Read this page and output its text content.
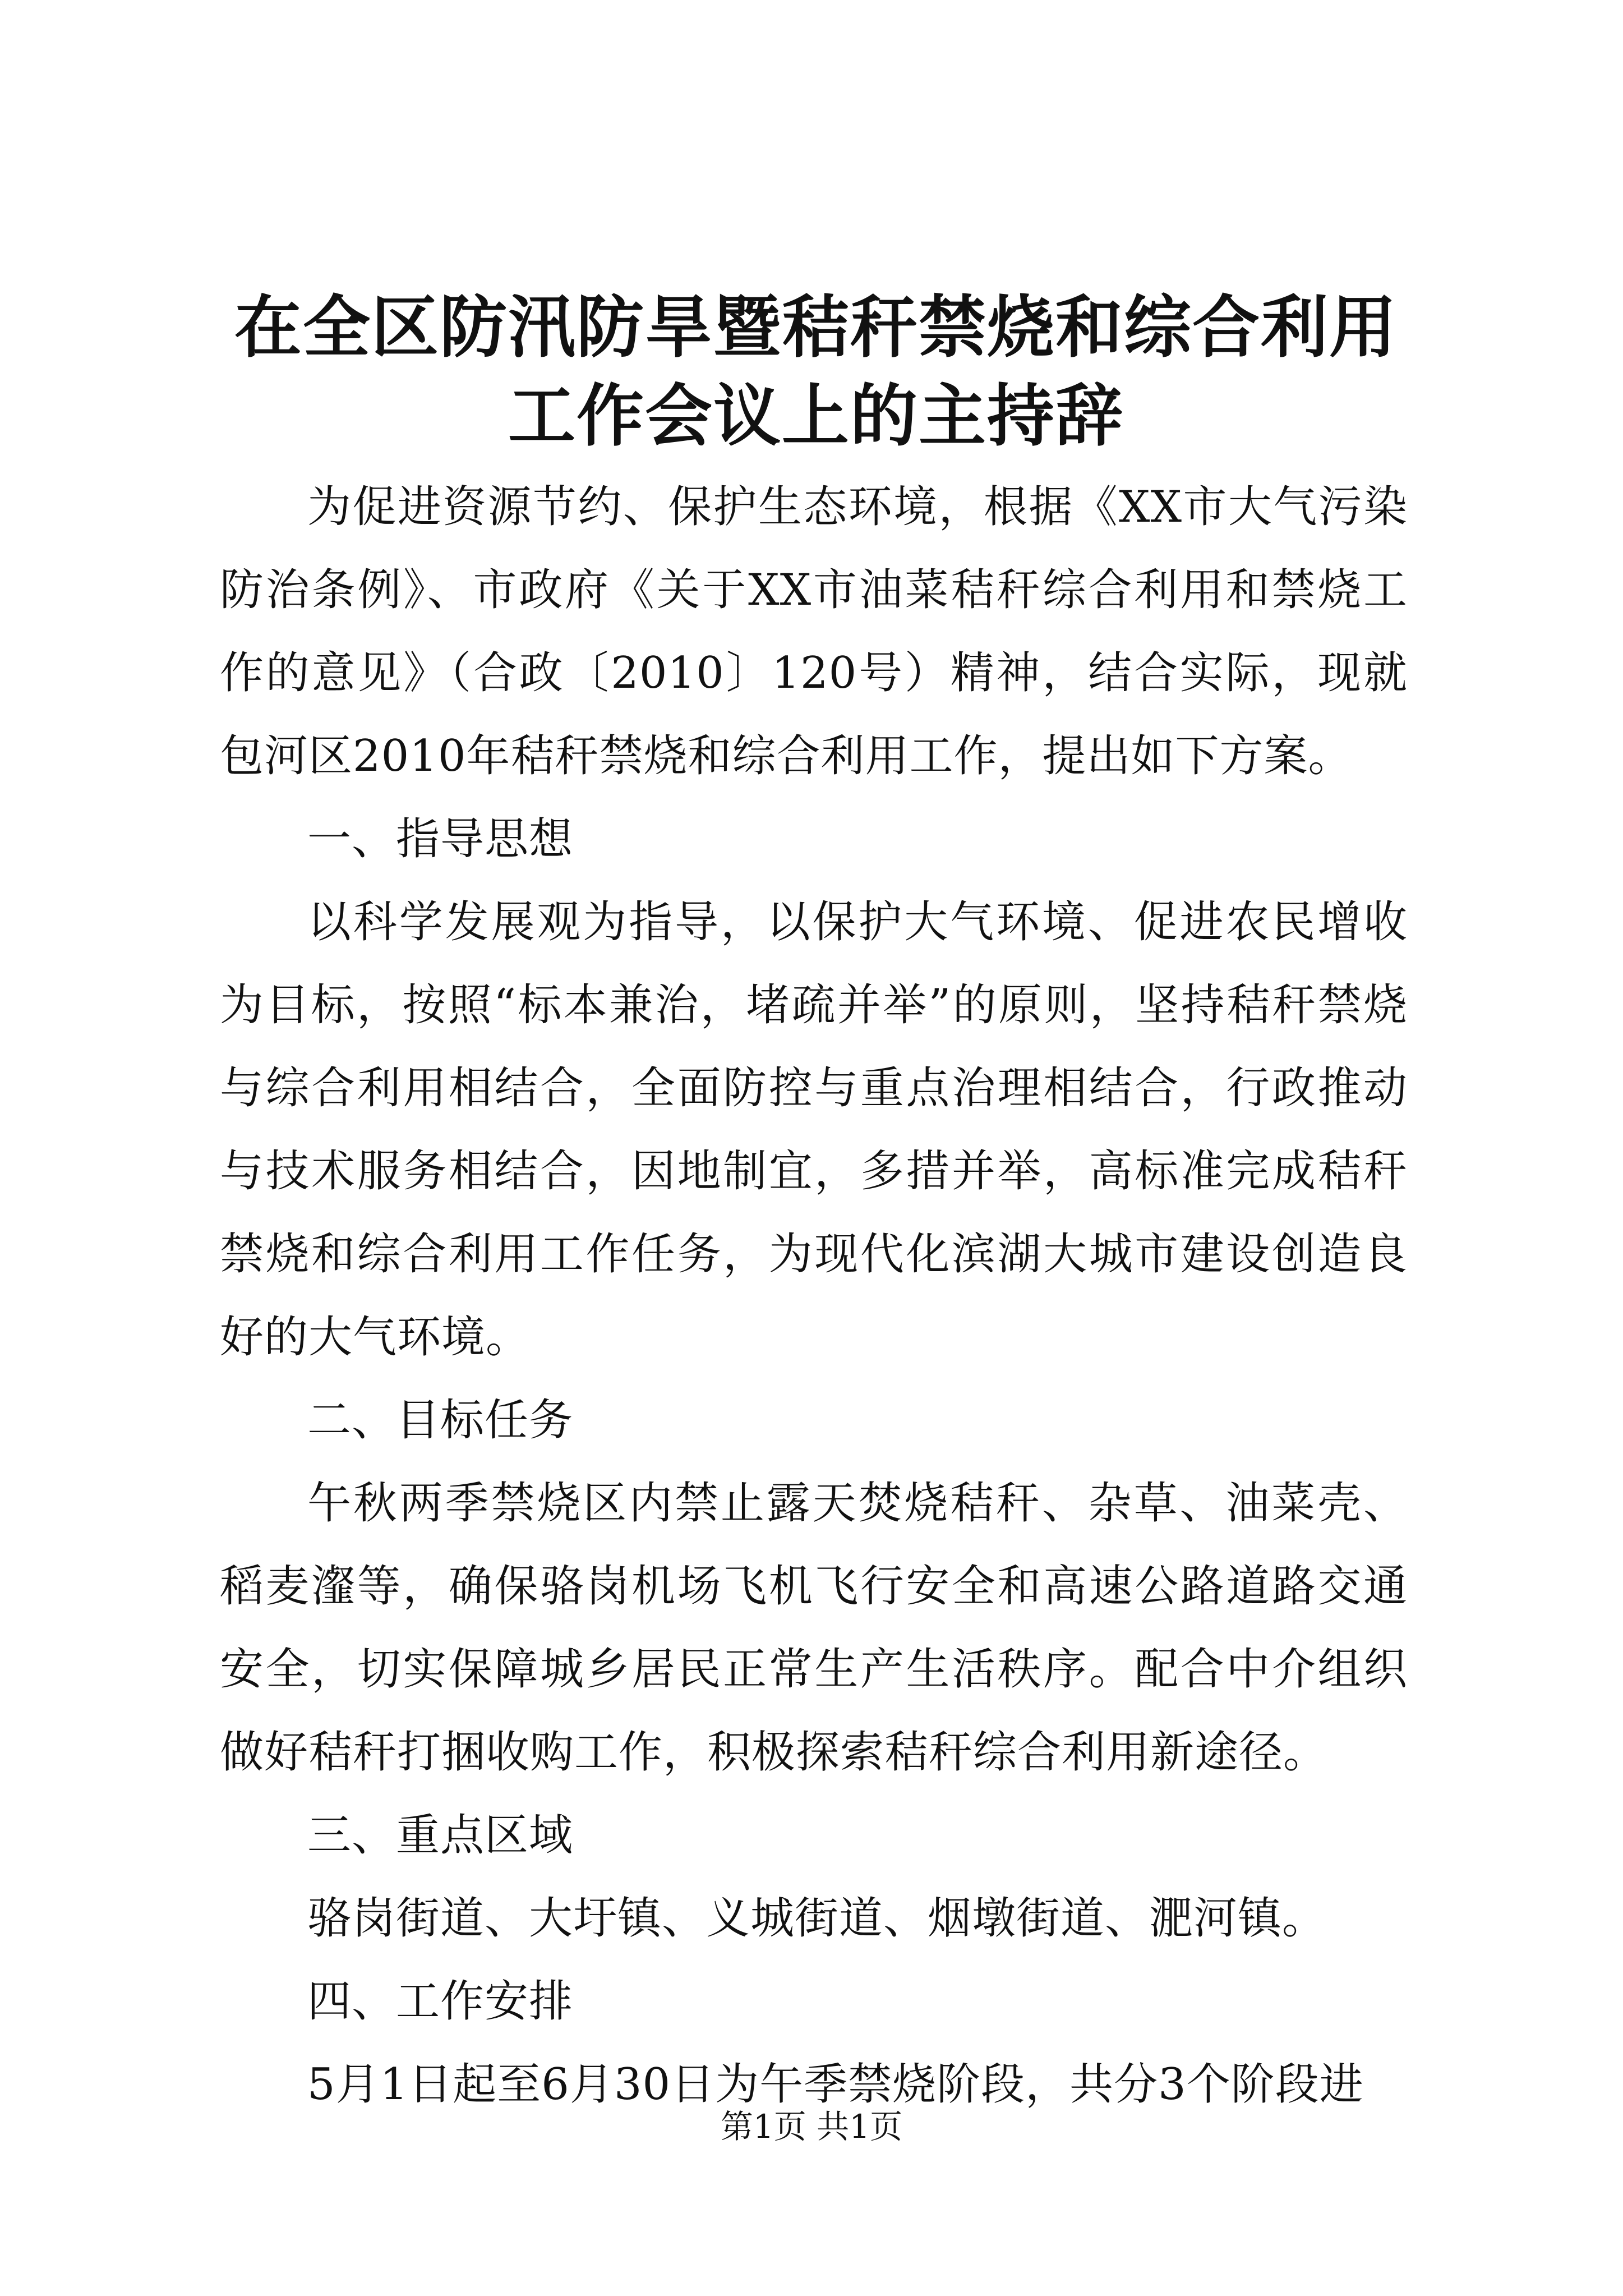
在全区防汛防旱暨秸秆禁烧和综合利用工作会议上的主持辞

为促进资源节约、保护生态环境，根据《XX市大气污染防治条例》、市政府《关于XX市油菜秸秆综合利用和禁烧工作的意见》（合政〔2010〕120号）精神，结合实际，现就包河区2010年秸秆禁烧和综合利用工作，提出如下方案。

一、指导思想

以科学发展观为指导，以保护大气环境、促进农民增收为目标，按照“标本兼治，堵疏并举”的原则，坚持秸秆禁烧与综合利用相结合，全面防控与重点治理相结合，行政推动与技术服务相结合，因地制宜，多措并举，高标准完成秸秆禁烧和综合利用工作任务，为现代化滨湖大城市建设创造良好的大气环境。

二、目标任务

午秋两季禁烧区内禁止露天焚烧秸秆、杂草、油菜壳、稻麦瀣等，确保骆岗机场飞机飞行安全和高速公路道路交通安全，切实保障城乡居民正常生产生活秩序。配合中介组织做好秸秆打捆收购工作，积极探索秸秆综合利用新途径。

三、重点区域

骆岗街道、大圩镇、义城街道、烟墩街道、淝河镇。

四、工作安排

5月1日起至6月30日为午季禁烧阶段，共分3个阶段进

第1页 共1页
